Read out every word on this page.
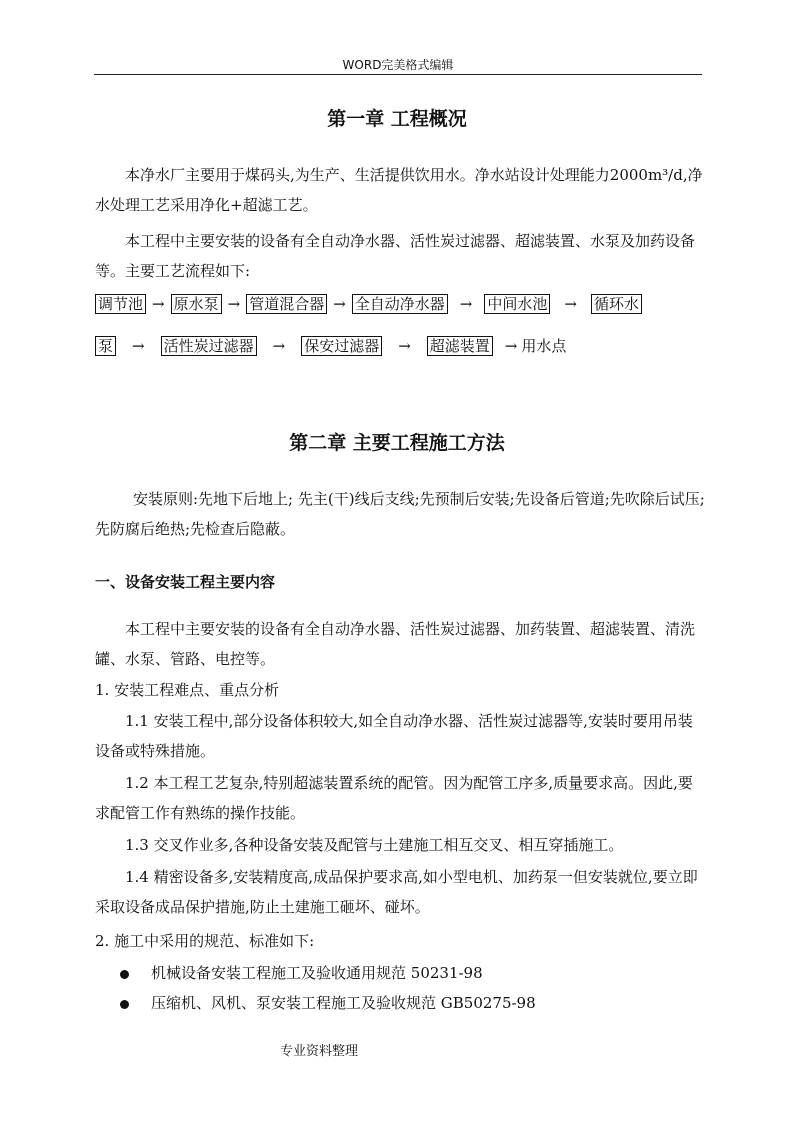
WORD完美格式编辑
第一章 工程概况

本净水厂主要用于煤码头,为生产、生活提供饮用水。净水站设计处理能力2000m³/d,净水处理工艺采用净化+超滤工艺。

本工程中主要安装的设备有全自动净水器、活性炭过滤器、超滤装置、水泵及加药设备等。主要工艺流程如下:

调节池 → 原水泵 → 管道混合器 → 全自动净水器 → 中间水池 → 循环水
泵 → 活性炭过滤器 → 保安过滤器 → 超滤装置 → 用水点
第二章 主要工程施工方法

安装原则:先地下后地上; 先主(干)线后支线;先预制后安装;先设备后管道;先吹除后试压;先防腐后绝热;先检查后隐蔽。

一、设备安装工程主要内容

本工程中主要安装的设备有全自动净水器、活性炭过滤器、加药装置、超滤装置、清洗罐、水泵、管路、电控等。

1. 安装工程难点、重点分析

1.1 安装工程中,部分设备体积较大,如全自动净水器、活性炭过滤器等,安装时要用吊装设备或特殊措施。

1.2 本工程工艺复杂,特别超滤装置系统的配管。因为配管工序多,质量要求高。因此,要求配管工作有熟练的操作技能。

1.3 交叉作业多,各种设备安装及配管与土建施工相互交叉、相互穿插施工。

1.4 精密设备多,安装精度高,成品保护要求高,如小型电机、加药泵一但安装就位,要立即采取设备成品保护措施,防止土建施工砸坏、碰坏。

2. 施工中采用的规范、标准如下:

机械设备安装工程施工及验收通用规范 50231-98
压缩机、风机、泵安装工程施工及验收规范 GB50275-98
专业资料整理
